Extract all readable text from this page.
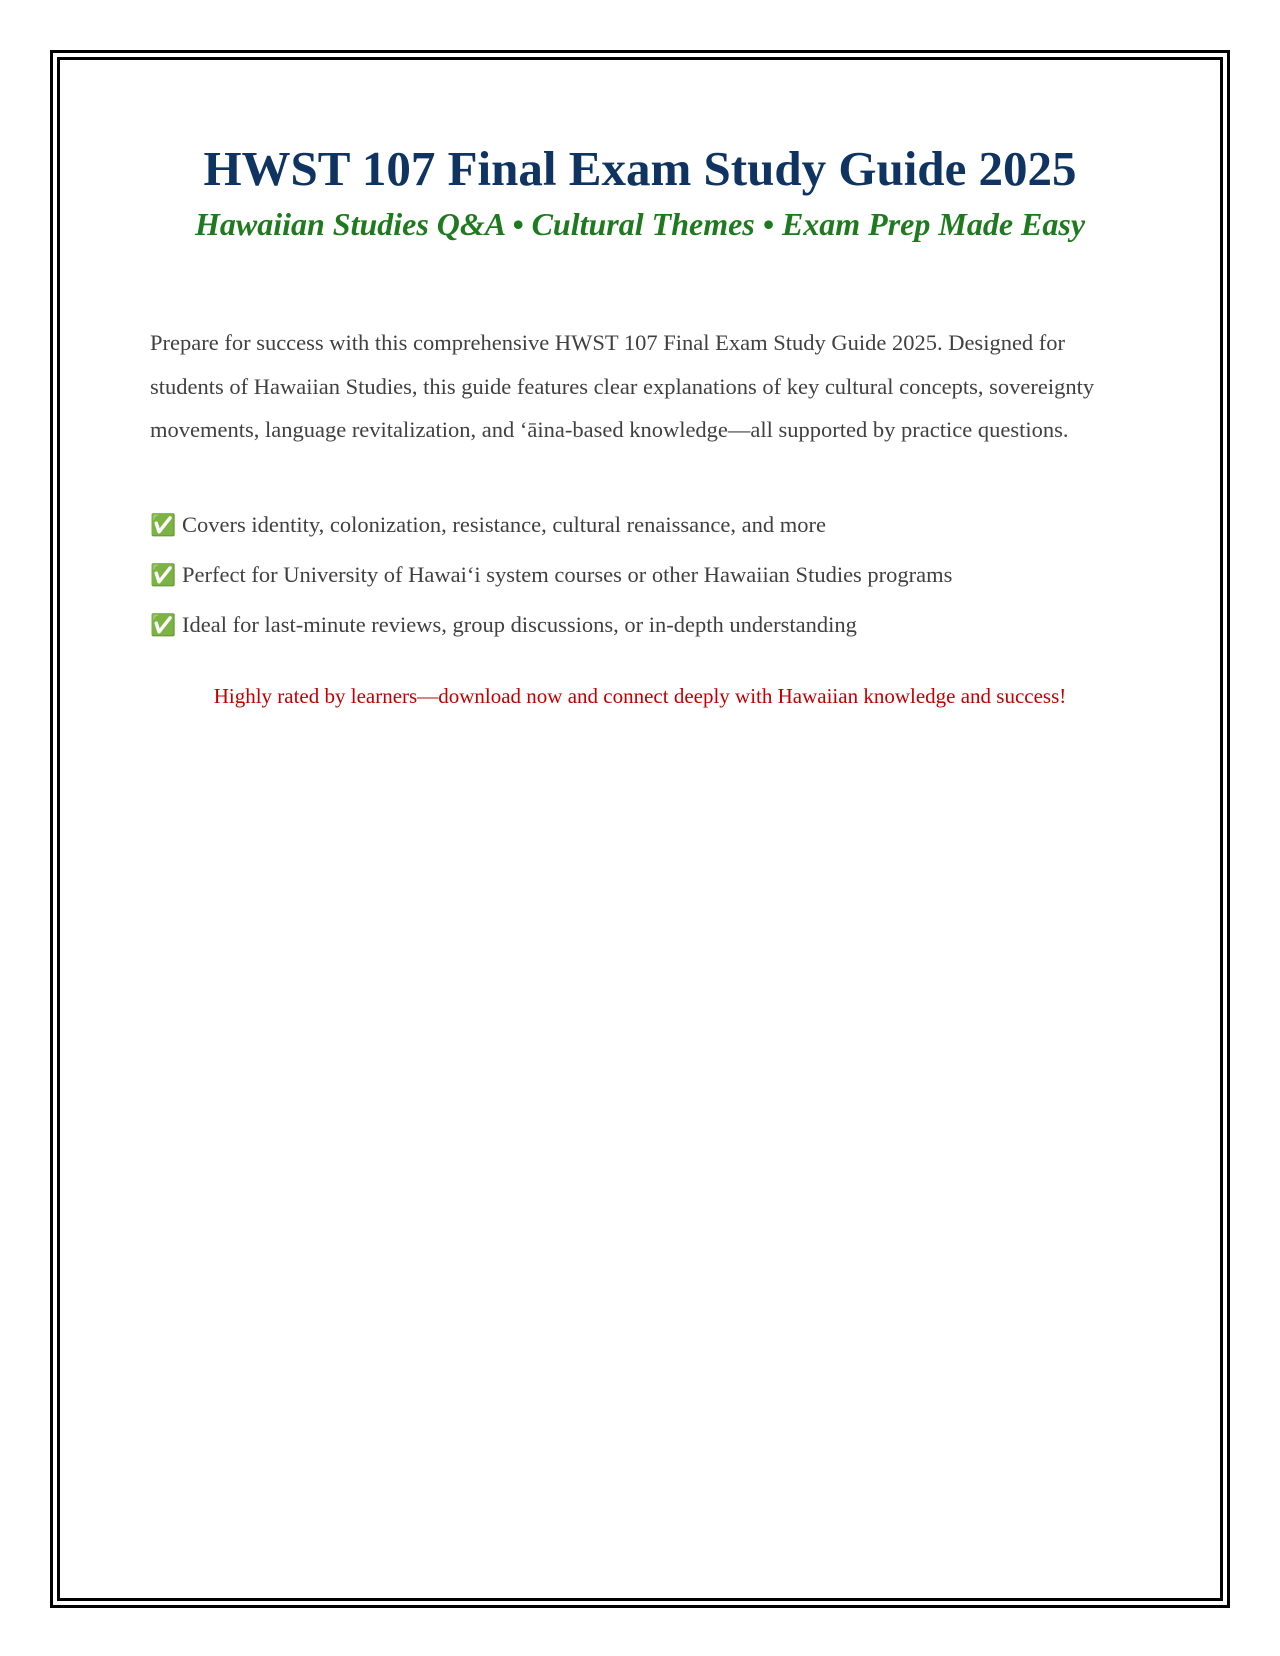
HWST 107 Final Exam Study Guide 2025

Hawaiian Studies Q&A • Cultural Themes • Exam Prep Made Easy

Prepare for success with this comprehensive HWST 107 Final Exam Study Guide 2025. Designed for students of Hawaiian Studies, this guide features clear explanations of key cultural concepts, sovereignty movements, language revitalization, and ‘āina-based knowledge—all supported by practice questions.

✅ Covers identity, colonization, resistance, cultural renaissance, and more
✅ Perfect for University of Hawai‘i system courses or other Hawaiian Studies programs
✅ Ideal for last-minute reviews, group discussions, or in-depth understanding

Highly rated by learners—download now and connect deeply with Hawaiian knowledge and success!
